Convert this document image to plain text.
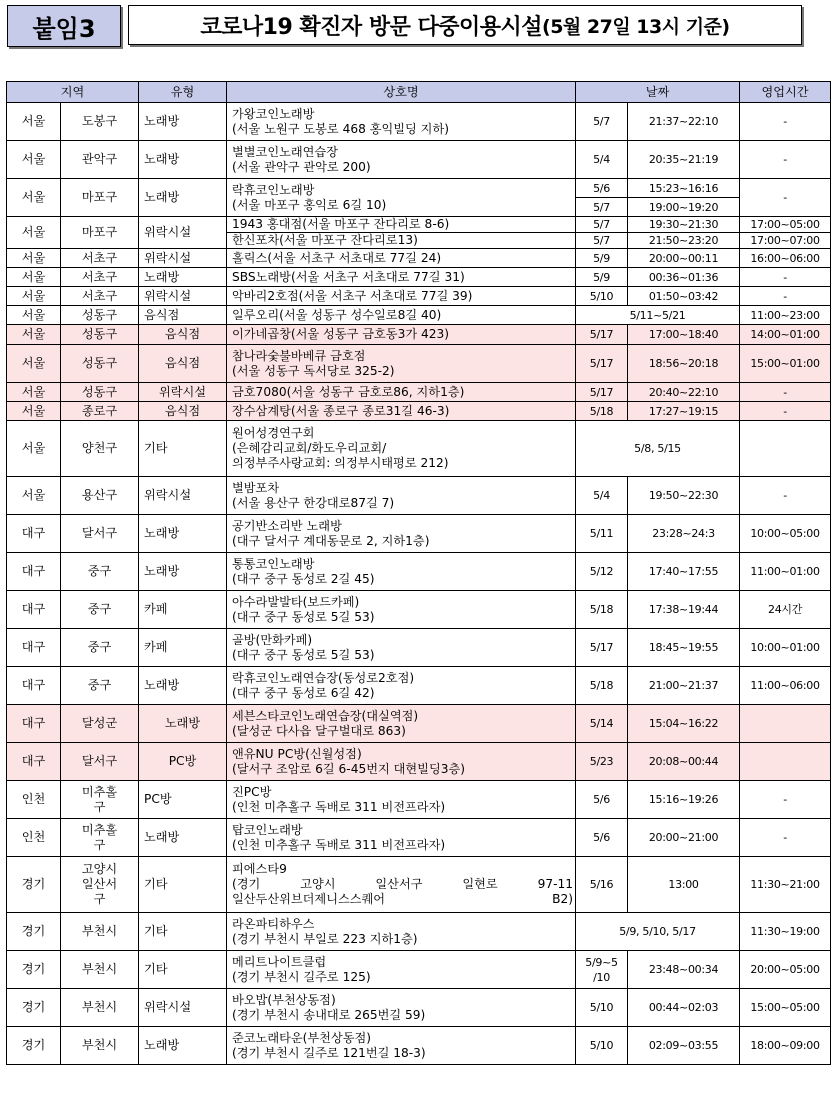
붙임3	코로나19 확진자 방문 다중이용시설 (5월 27일 13시 기준)
지역		유형	상호명	날짜		영업시간
서울	도봉구	노래방	가왕코인노래방
(서울 노원구 도봉로 468 홍익빌딩 지하)	5/7	21:37~22:10	-
서울	관악구	노래방	별별코인노래연습장
(서울 관악구 관악로 200)	5/4	20:35~21:19	-
서울	마포구	노래방	락휴코인노래방
(서울 마포구 홍익로 6길 10)	5/6	15:23~16:16	-
				5/7	19:00~19:20	
서울	마포구	위락시설	1943 홍대점(서울 마포구 잔다리로 8-6)	5/7	19:30~21:30	17:00~05:00
			한신포차(서울 마포구 잔다리로13)	5/7	21:50~23:20	17:00~07:00
서울	서초구	위락시설	홀릭스(서울 서초구 서초대로 77길 24)	5/9	20:00~00:11	16:00~06:00
서울	서초구	노래방	SBS노래방(서울 서초구 서초대로 77길 31)	5/9	00:36~01:36	-
서울	서초구	위락시설	악바리2호점(서울 서초구 서초대로 77길 39)	5/10	01:50~03:42	-
서울	성동구	음식점	일루오리(서울 성동구 성수일로8길 40)	5/11~5/21		11:00~23:00
서울	성동구	음식점	이가네곱창(서울 성동구 금호동3가 423)	5/17	17:00~18:40	14:00~01:00
서울	성동구	음식점	참나라숯불바베큐 금호점
(서울 성동구 독서당로 325-2)	5/17	18:56~20:18	15:00~01:00
서울	성동구	위락시설	금호7080(서울 성동구 금호로86, 지하1층)	5/17	20:40~22:10	-
서울	종로구	음식점	장수삼계탕(서울 종로구 종로31길 46-3)	5/18	17:27~19:15	-
서울	양천구	기타	원어성경연구회
(은혜감리교회/화도우리교회/
의정부주사랑교회: 의정부시태평로 212)	5/8, 5/15		
서울	용산구	위락시설	별밤포차
(서울 용산구 한강대로87길 7)	5/4	19:50~22:30	-
대구	달서구	노래방	공기반소리반 노래방
(대구 달서구 계대동문로 2, 지하1층)	5/11	23:28~24:3	10:00~05:00
대구	중구	노래방	통통코인노래방
(대구 중구 동성로 2길 45)	5/12	17:40~17:55	11:00~01:00
대구	중구	카페	아수라발발타(보드카페)
(대구 중구 동성로 5길 53)	5/18	17:38~19:44	24시간
대구	중구	카페	골방(만화카페)
(대구 중구 동성로 5길 53)	5/17	18:45~19:55	10:00~01:00
대구	중구	노래방	락휴코인노래연습장(동성로2호점)
(대구 중구 동성로 6길 42)	5/18	21:00~21:37	11:00~06:00
대구	달성군	노래방	세븐스타코인노래연습장(대실역점)
(달성군 다사읍 달구벌대로 863)	5/14	15:04~16:22	
대구	달서구	PC방	앤유NU PC방(신월성점)
(달서구 조암로 6길 6-45번지 대현빌딩3층)	5/23	20:08~00:44	
인천	미추홀
구	PC방	진PC방
(인천 미추홀구 독배로 311 비전프라자)	5/6	15:16~19:26	-
인천	미추홀
구	노래방	탑코인노래방
(인천 미추홀구 독배로 311 비전프라자)	5/6	20:00~21:00	-
경기	고양시
일산서
구	기타	피에스타9
(경기 고양시 일산서구 일현로 97-11
일산두산위브더제니스스퀘어 B2)	5/16	13:00	11:30~21:00
경기	부천시	기타	라온파티하우스
(경기 부천시 부일로 223 지하1층)	5/9, 5/10, 5/17		11:30~19:00
경기	부천시	기타	메리트나이트클럽
(경기 부천시 길주로 125)	5/9~5
/10	23:48~00:34	20:00~05:00
경기	부천시	위락시설	바오밥(부천상동점)
(경기 부천시 송내대로 265번길 59)	5/10	00:44~02:03	15:00~05:00
경기	부천시	노래방	준코노래타운(부천상동점)
(경기 부천시 길주로 121번길 18-3)	5/10	02:09~03:55	18:00~09:00
